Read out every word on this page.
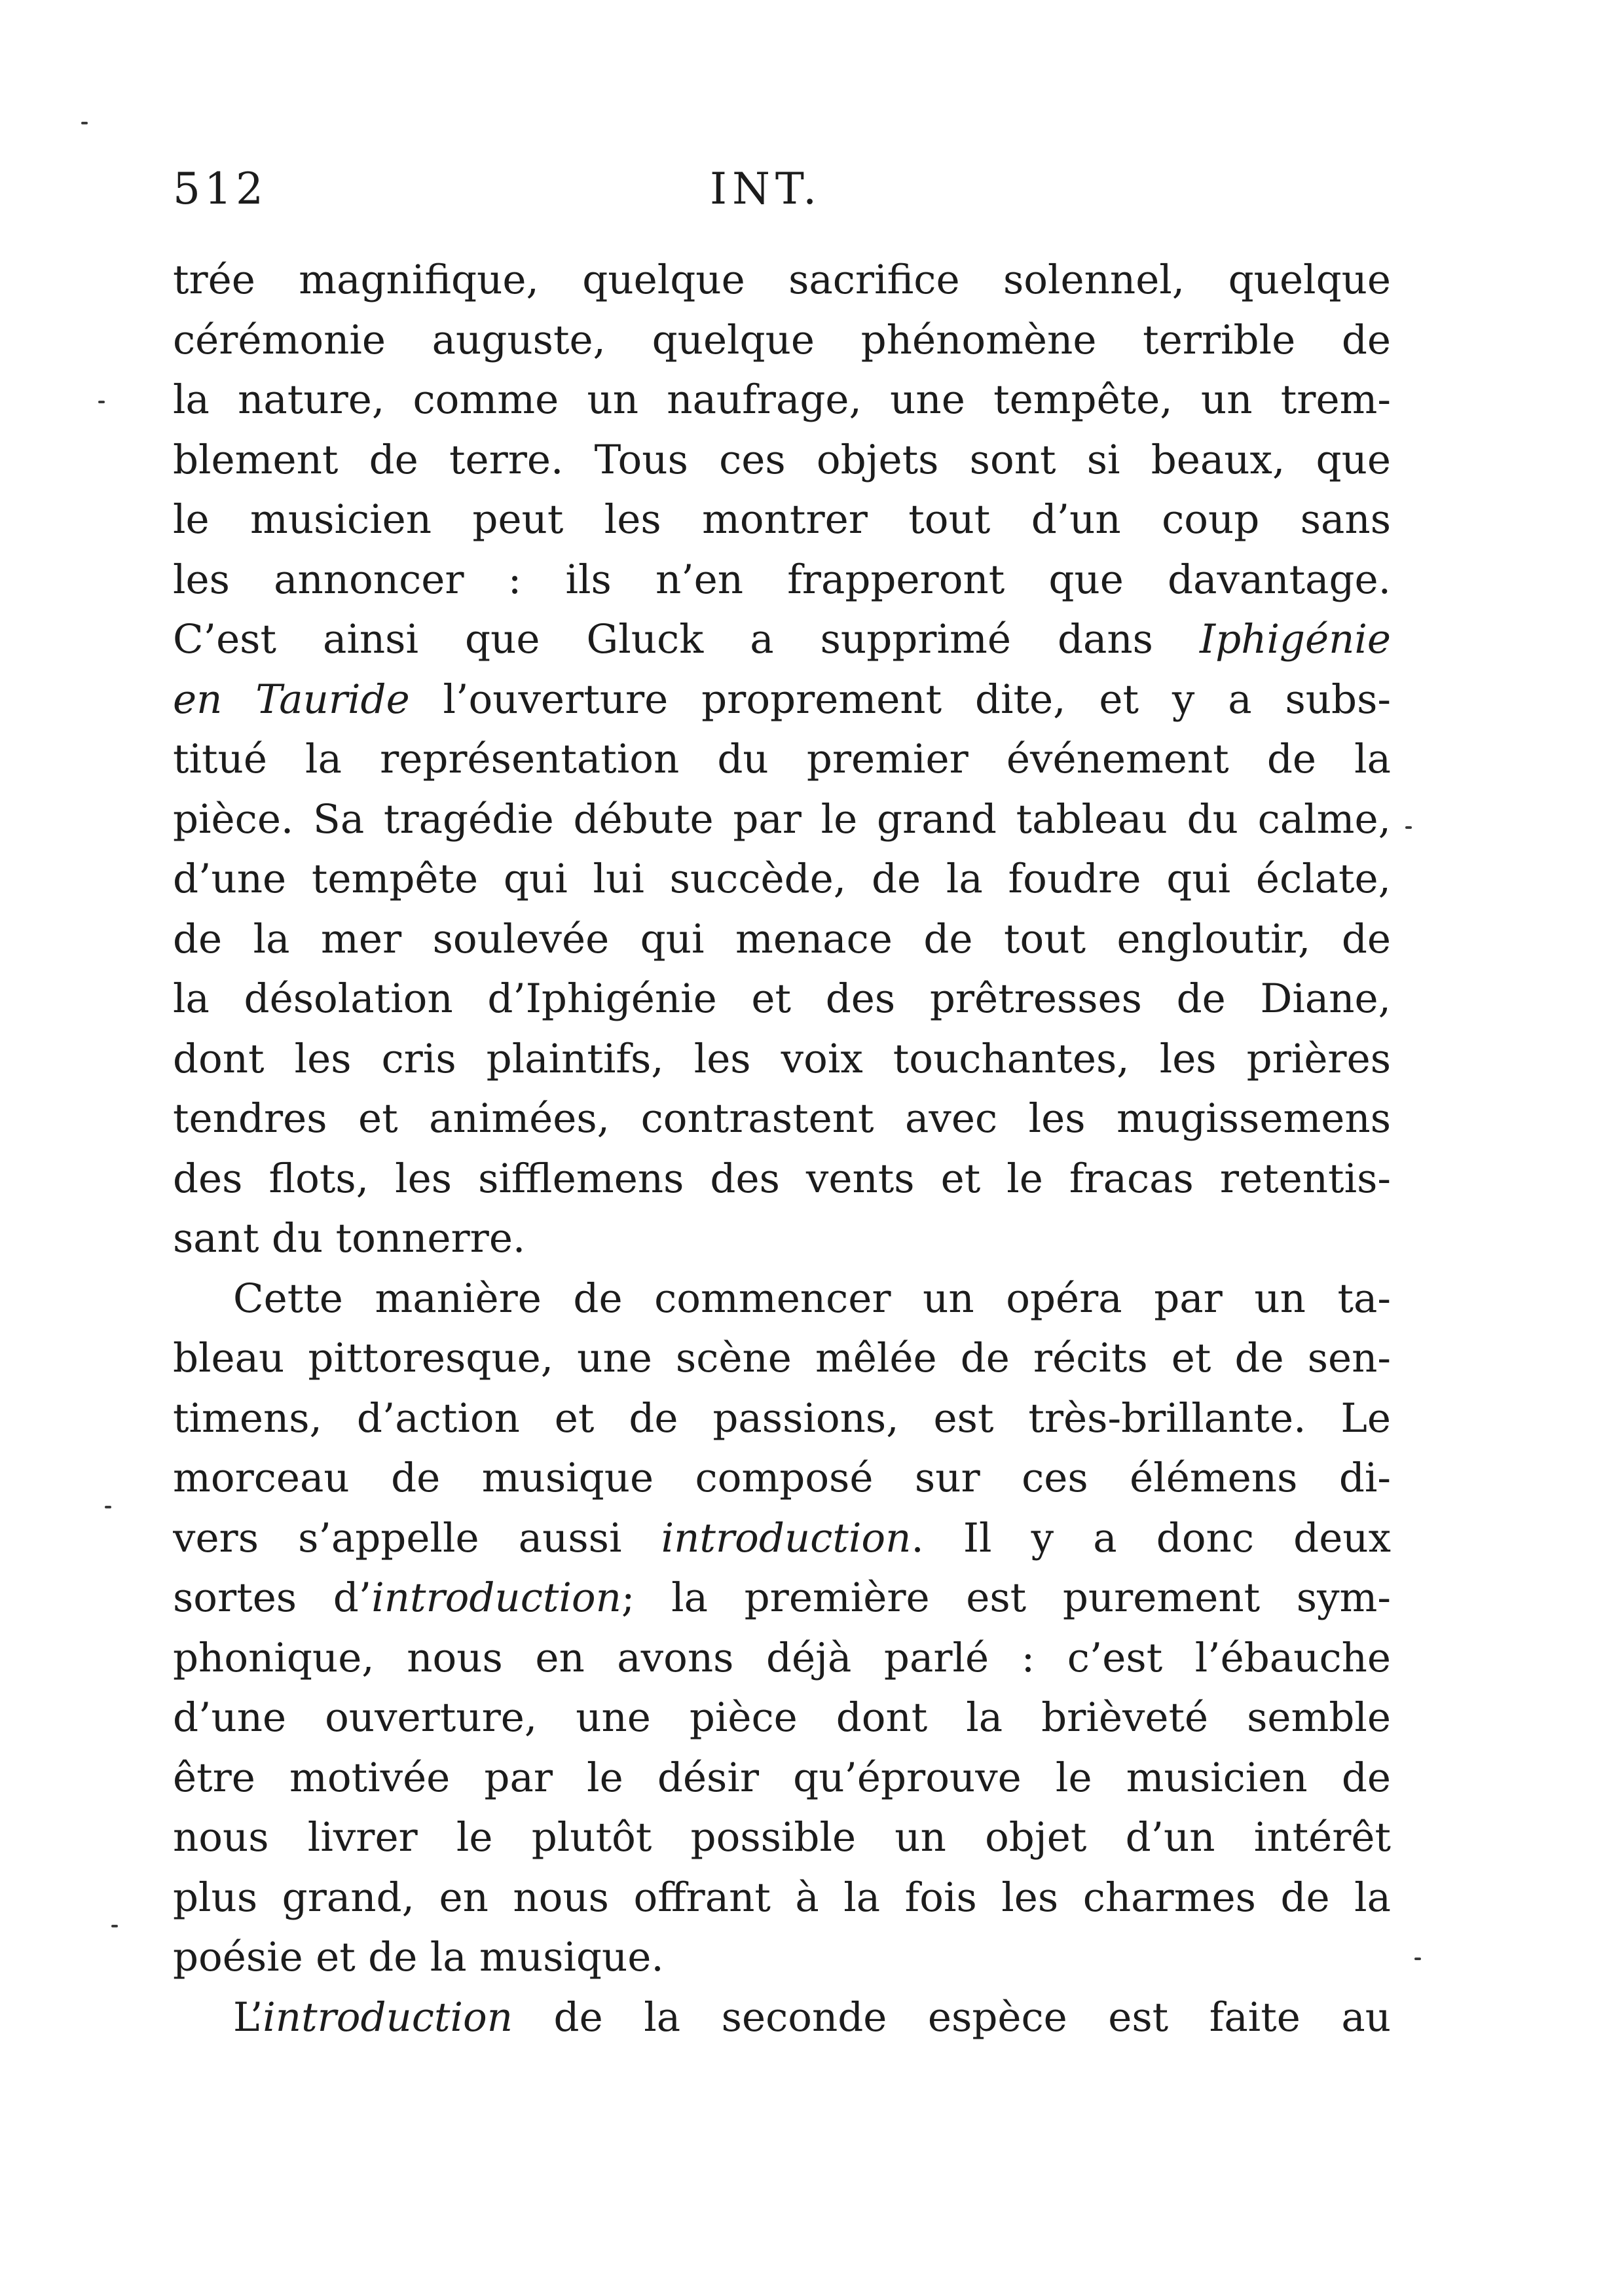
512	INT.
trée magnifique, quelque sacrifice solennel, quelque
cérémonie auguste, quelque phénomène terrible de
la nature, comme un naufrage, une tempête, un trem-
blement de terre. Tous ces objets sont si beaux, que
le musicien peut les montrer tout d’un coup sans
les annoncer : ils n’en frapperont que davantage.
C’est ainsi que Gluck a supprimé dans Iphigénie
en Tauride l’ouverture proprement dite, et y a subs-
titué la représentation du premier événement de la
pièce. Sa tragédie débute par le grand tableau du calme,
d’une tempête qui lui succède, de la foudre qui éclate,
de la mer soulevée qui menace de tout engloutir, de
la désolation d’Iphigénie et des prêtresses de Diane,
dont les cris plaintifs, les voix touchantes, les prières
tendres et animées, contrastent avec les mugissemens
des flots, les sifflemens des vents et le fracas retentis-
sant du tonnerre.
Cette manière de commencer un opéra par un ta-
bleau pittoresque, une scène mêlée de récits et de sen-
timens, d’action et de passions, est très-brillante. Le
morceau de musique composé sur ces élémens di-
vers s’appelle aussi introduction. Il y a donc deux
sortes d’introduction; la première est purement sym-
phonique, nous en avons déjà parlé : c’est l’ébauche
d’une ouverture, une pièce dont la brièveté semble
être motivée par le désir qu’éprouve le musicien de
nous livrer le plutôt possible un objet d’un intérêt
plus grand, en nous offrant à la fois les charmes de la
poésie et de la musique.
L’introduction de la seconde espèce est faite au
